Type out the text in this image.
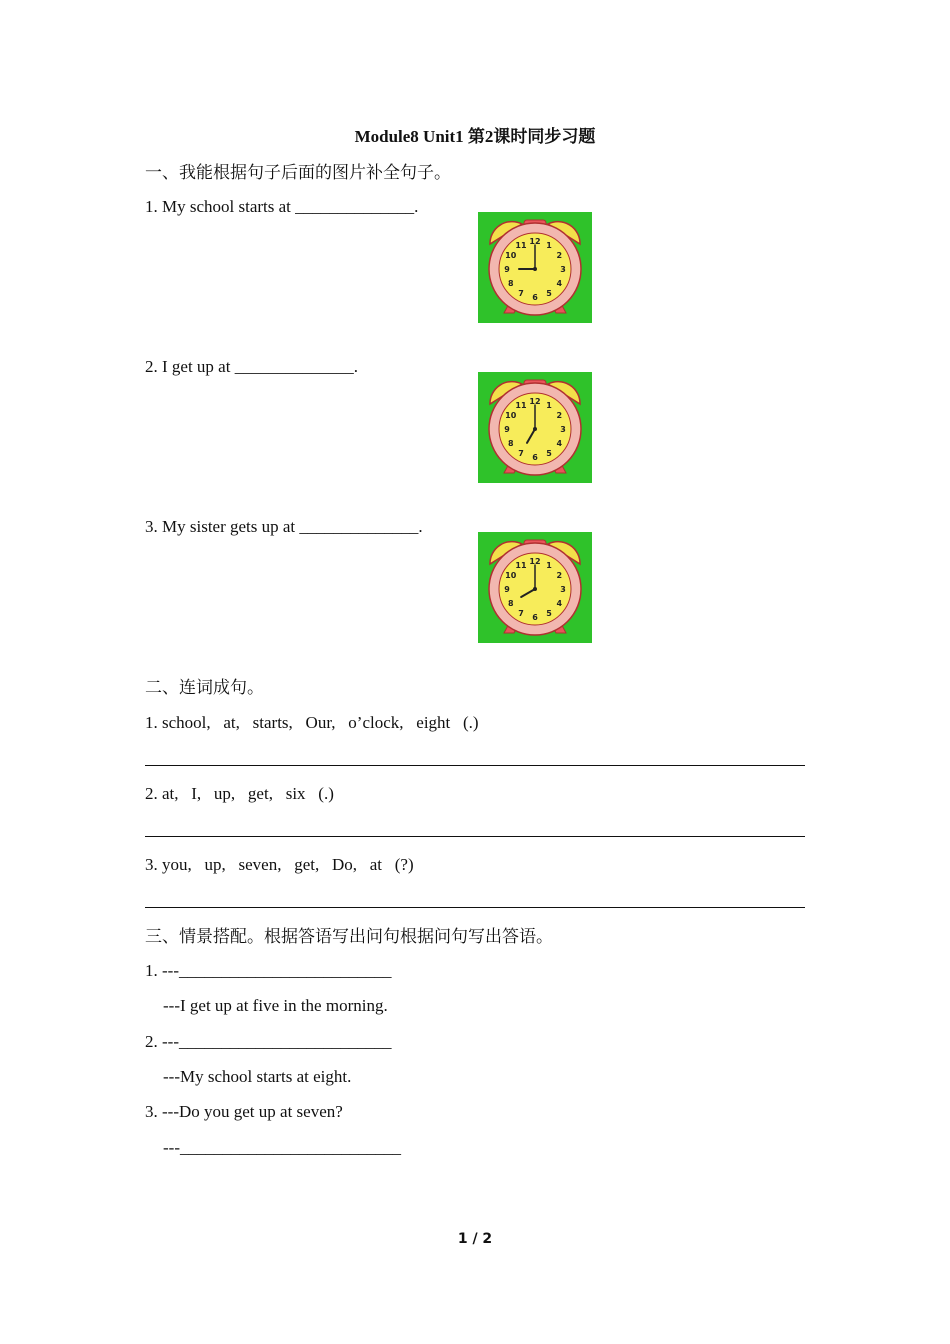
Module8 Unit1 第2课时同步习题
一、我能根据句子后面的图片补全句子。
1. My school starts at ______________.
2. I get up at ______________.
3. My sister gets up at ______________.
12 1
2
3
4
5
6
7
8
9
10
11
12 1
2
3
4
5
6
7
8
9
10
11
12 1
2
3
4
5
6
7
8
9
10
11
二、连词成句。
1. school,   at,   starts,   Our,   o’clock,   eight   (.)
2. at,   I,   up,   get,   six   (.)
3. you,   up,   seven,   get,   Do,   at   (?)
三、情景搭配。根据答语写出问句根据问句写出答语。
1. ---_________________________
---I get up at five in the morning.
2. ---_________________________
---My school starts at eight.
3. ---Do you get up at seven?
---__________________________
1 / 2
